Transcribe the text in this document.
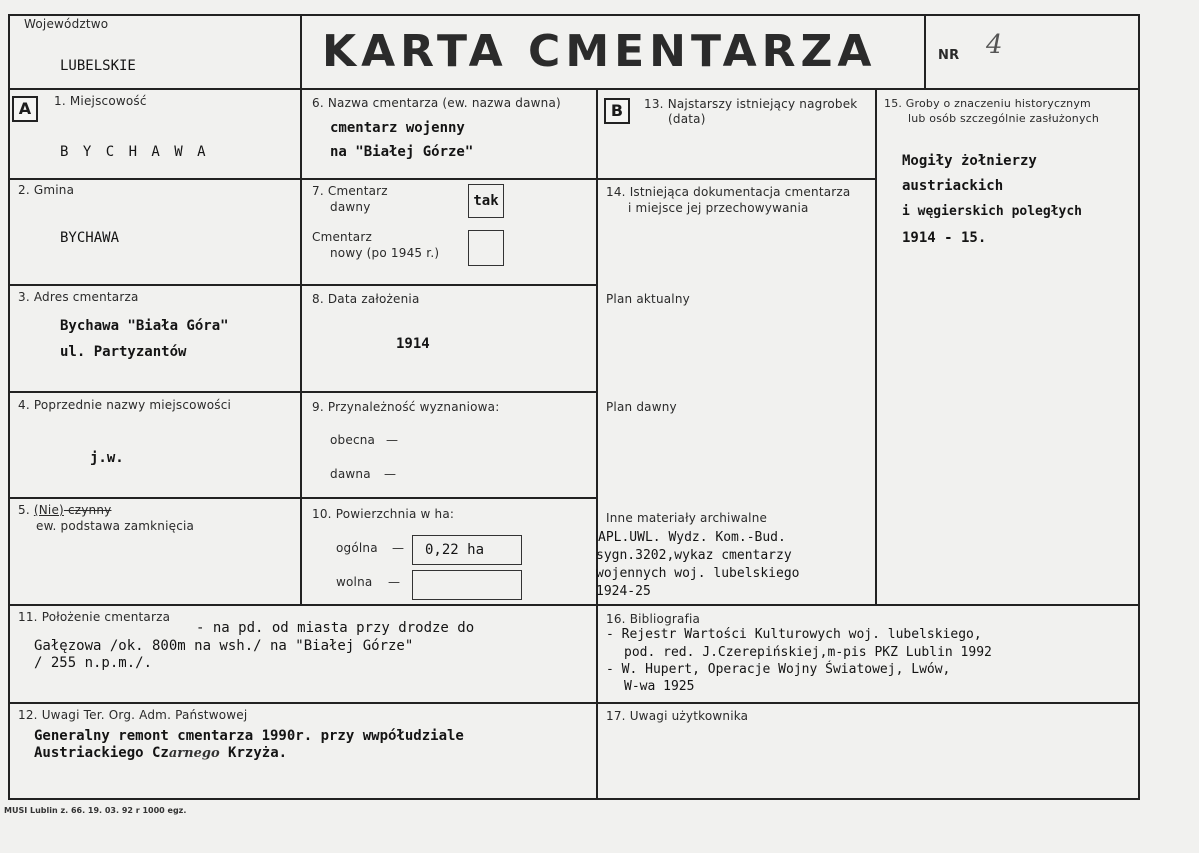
Województwo
LUBELSKIE	KARTA CMENTARZA	NR 4
A	B
1. Miejscowość
B Y C H A W A
2. Gmina
BYCHAWA
3. Adres cmentarza
Bychawa "Biała Góra"
ul. Partyzantów
4. Poprzednie nazwy miejscowości
j.w.
5. (Nie) czynny
ew. podstawa zamknięcia
6. Nazwa cmentarza (ew. nazwa dawna)
cmentarz wojenny
na "Białej Górze"
7. Cmentarz
dawny	tak
Cmentarz
nowy (po 1945 r.)
8. Data założenia
1914
9. Przynależność wyznaniowa:
obecna —
dawna —
10. Powierzchnia w ha:
ogólna —	0,22 ha
wolna —
11. Położenie cmentarza
- na pd. od miasta przy drodze do
Gałęzowa /ok. 800m na wsh./ na "Białej Górze"
/ 255 n.p.m./.
12. Uwagi Ter. Org. Adm. Państwowej
Generalny remont cmentarza 1990r. przy wwpółudziale
Austriackiego Czarnego Krzyża.
13. Najstarszy istniejący nagrobek
(data)
14. Istniejąca dokumentacja cmentarza
i miejsce jej przechowywania
Plan aktualny
Plan dawny
Inne materiały archiwalne
APL.UWL. Wydz. Kom.-Bud.
sygn.3202,wykaz cmentarzy
wojennych woj. lubelskiego
1924-25
15. Groby o znaczeniu historycznym
lub osób szczególnie zasłużonych
Mogiły żołnierzy
austriackich
i węgierskich poległych
1914 - 15.
16. Bibliografia
- Rejestr Wartości Kulturowych woj. lubelskiego,
pod. red. J.Czerepińskiej,m-pis PKZ Lublin 1992
- W. Hupert, Operacje Wojny Światowej, Lwów,
W-wa 1925
17. Uwagi użytkownika
MUSI Lublin z. 66. 19. 03. 92 r 1000 egz.
